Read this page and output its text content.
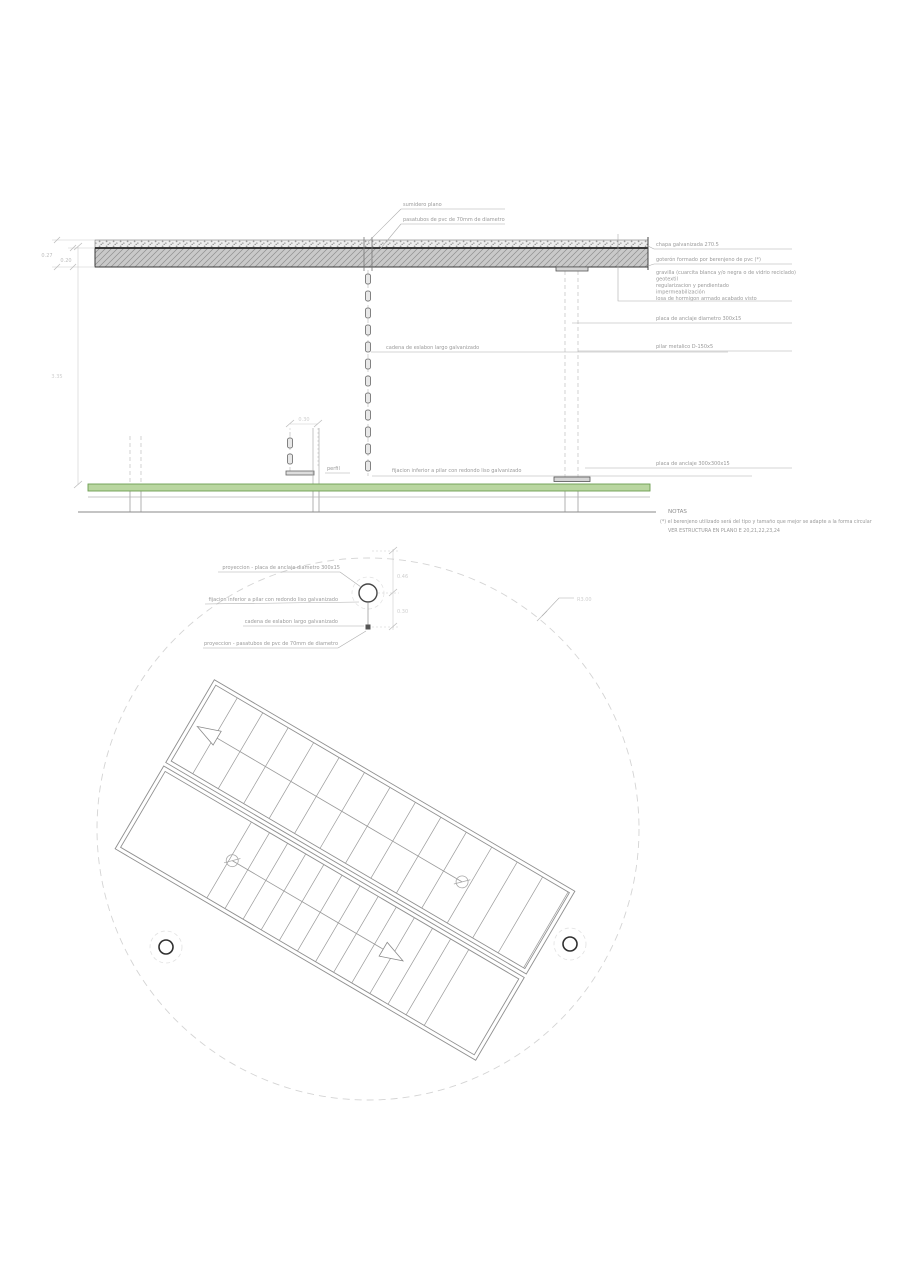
0.27
0.20
3.35
sumidero plano
pasatubos de pvc de 70mm de diametro
chapa galvanizada 270.5
goterón formado por berenjeno de pvc (*)
gravilla (cuarcita blanca y/o negra o de vidrio reciclado)
geotextil
regularizacion y pendientado
impermeabilización
losa de hormigon armado acabado visto
placa de anclaje diametro 300x15
pilar metalico D-150x5
placa de anclaje 300x300x15
cadena de eslabon largo galvanizado
0.30
perfil	fijacion inferior a pilar con redondo liso galvanizado
NOTAS
(*) el berenjeno utilizado será del tipo y tamaño que mejor se adapte a la forma circular
VER ESTRUCTURA EN PLANO E 20,21,22,23,24
R3.00
0.46
0.30
proyeccion - placa de anclaje diametro 300x15
fijacion inferior a pilar con redondo liso galvanizado
cadena de eslabon largo galvanizado
proyeccion - pasatubos de pvc de 70mm de diametro
